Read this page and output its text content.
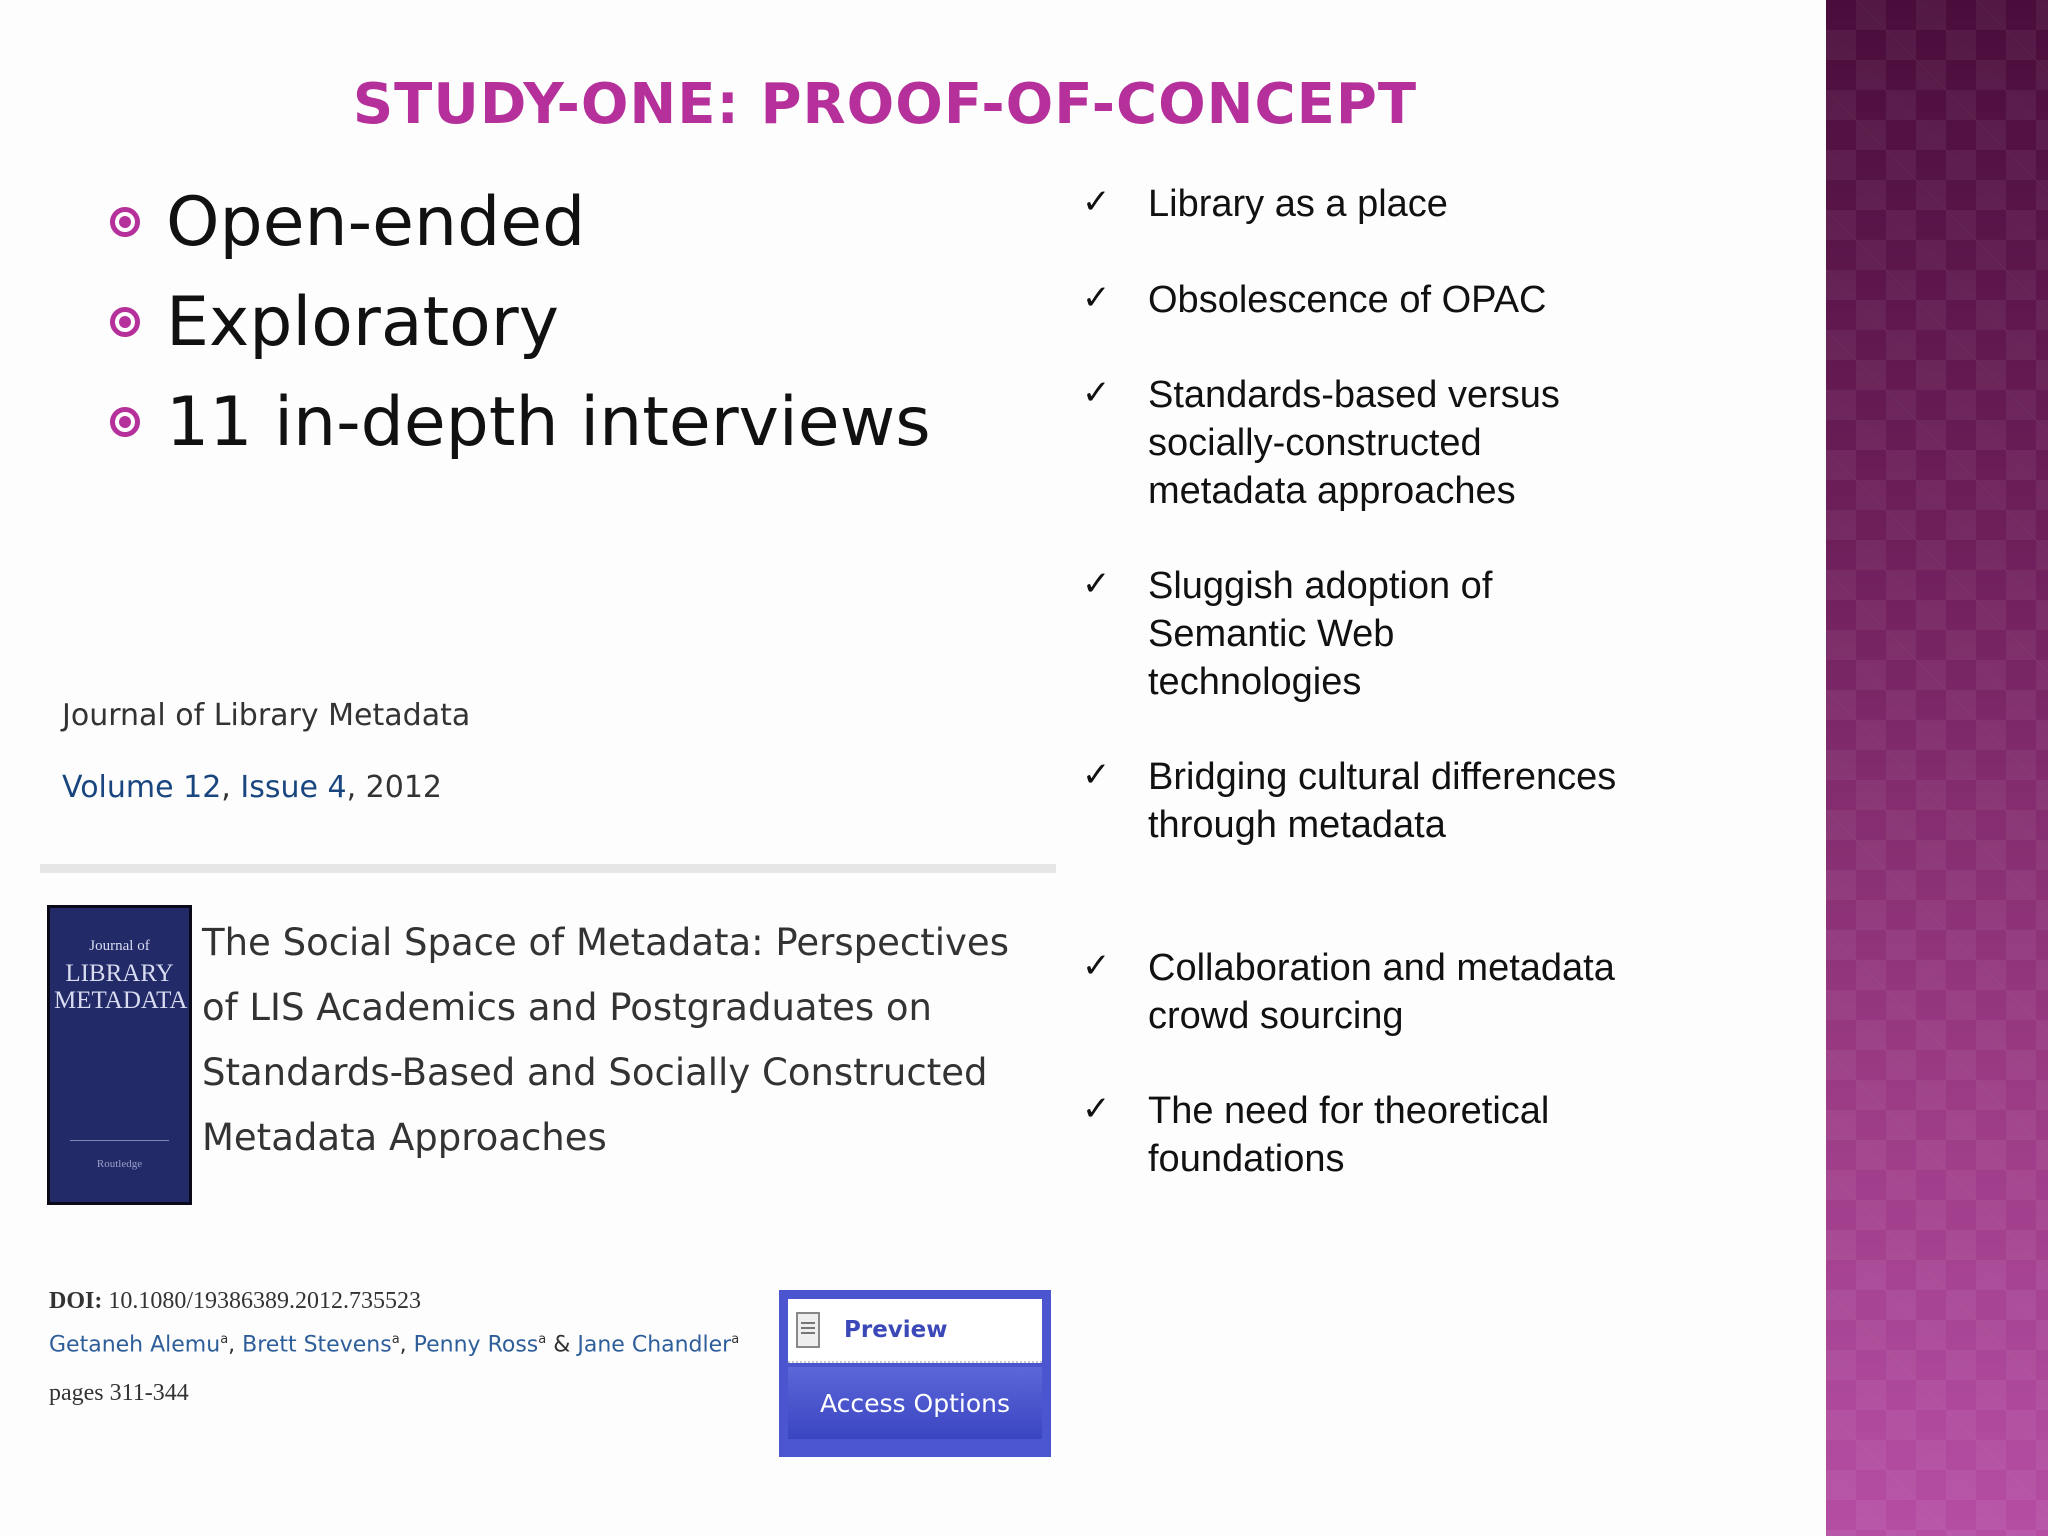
STUDY-ONE: PROOF-OF-CONCEPT
Open-ended
Exploratory
11 in-depth interviews
✓ Library as a place
✓ Obsolescence of OPAC
✓ Standards-based versus socially-constructed metadata approaches
✓ Sluggish adoption of Semantic Web technologies
✓ Bridging cultural differences through metadata
✓ Collaboration and metadata crowd sourcing
✓ The need for theoretical foundations
Journal of Library Metadata
Volume 12, Issue 4, 2012
Journal of
LIBRARY METADATA
Routledge
The Social Space of Metadata: Perspectives of LIS Academics and Postgraduates on Standards-Based and Socially Constructed Metadata Approaches
DOI: 10.1080/19386389.2012.735523
Getaneh Alemu$^a$, Brett Stevens$^a$, Penny Ross$^a$ & Jane Chandler$^a$
pages 311-344
Preview
Access Options
